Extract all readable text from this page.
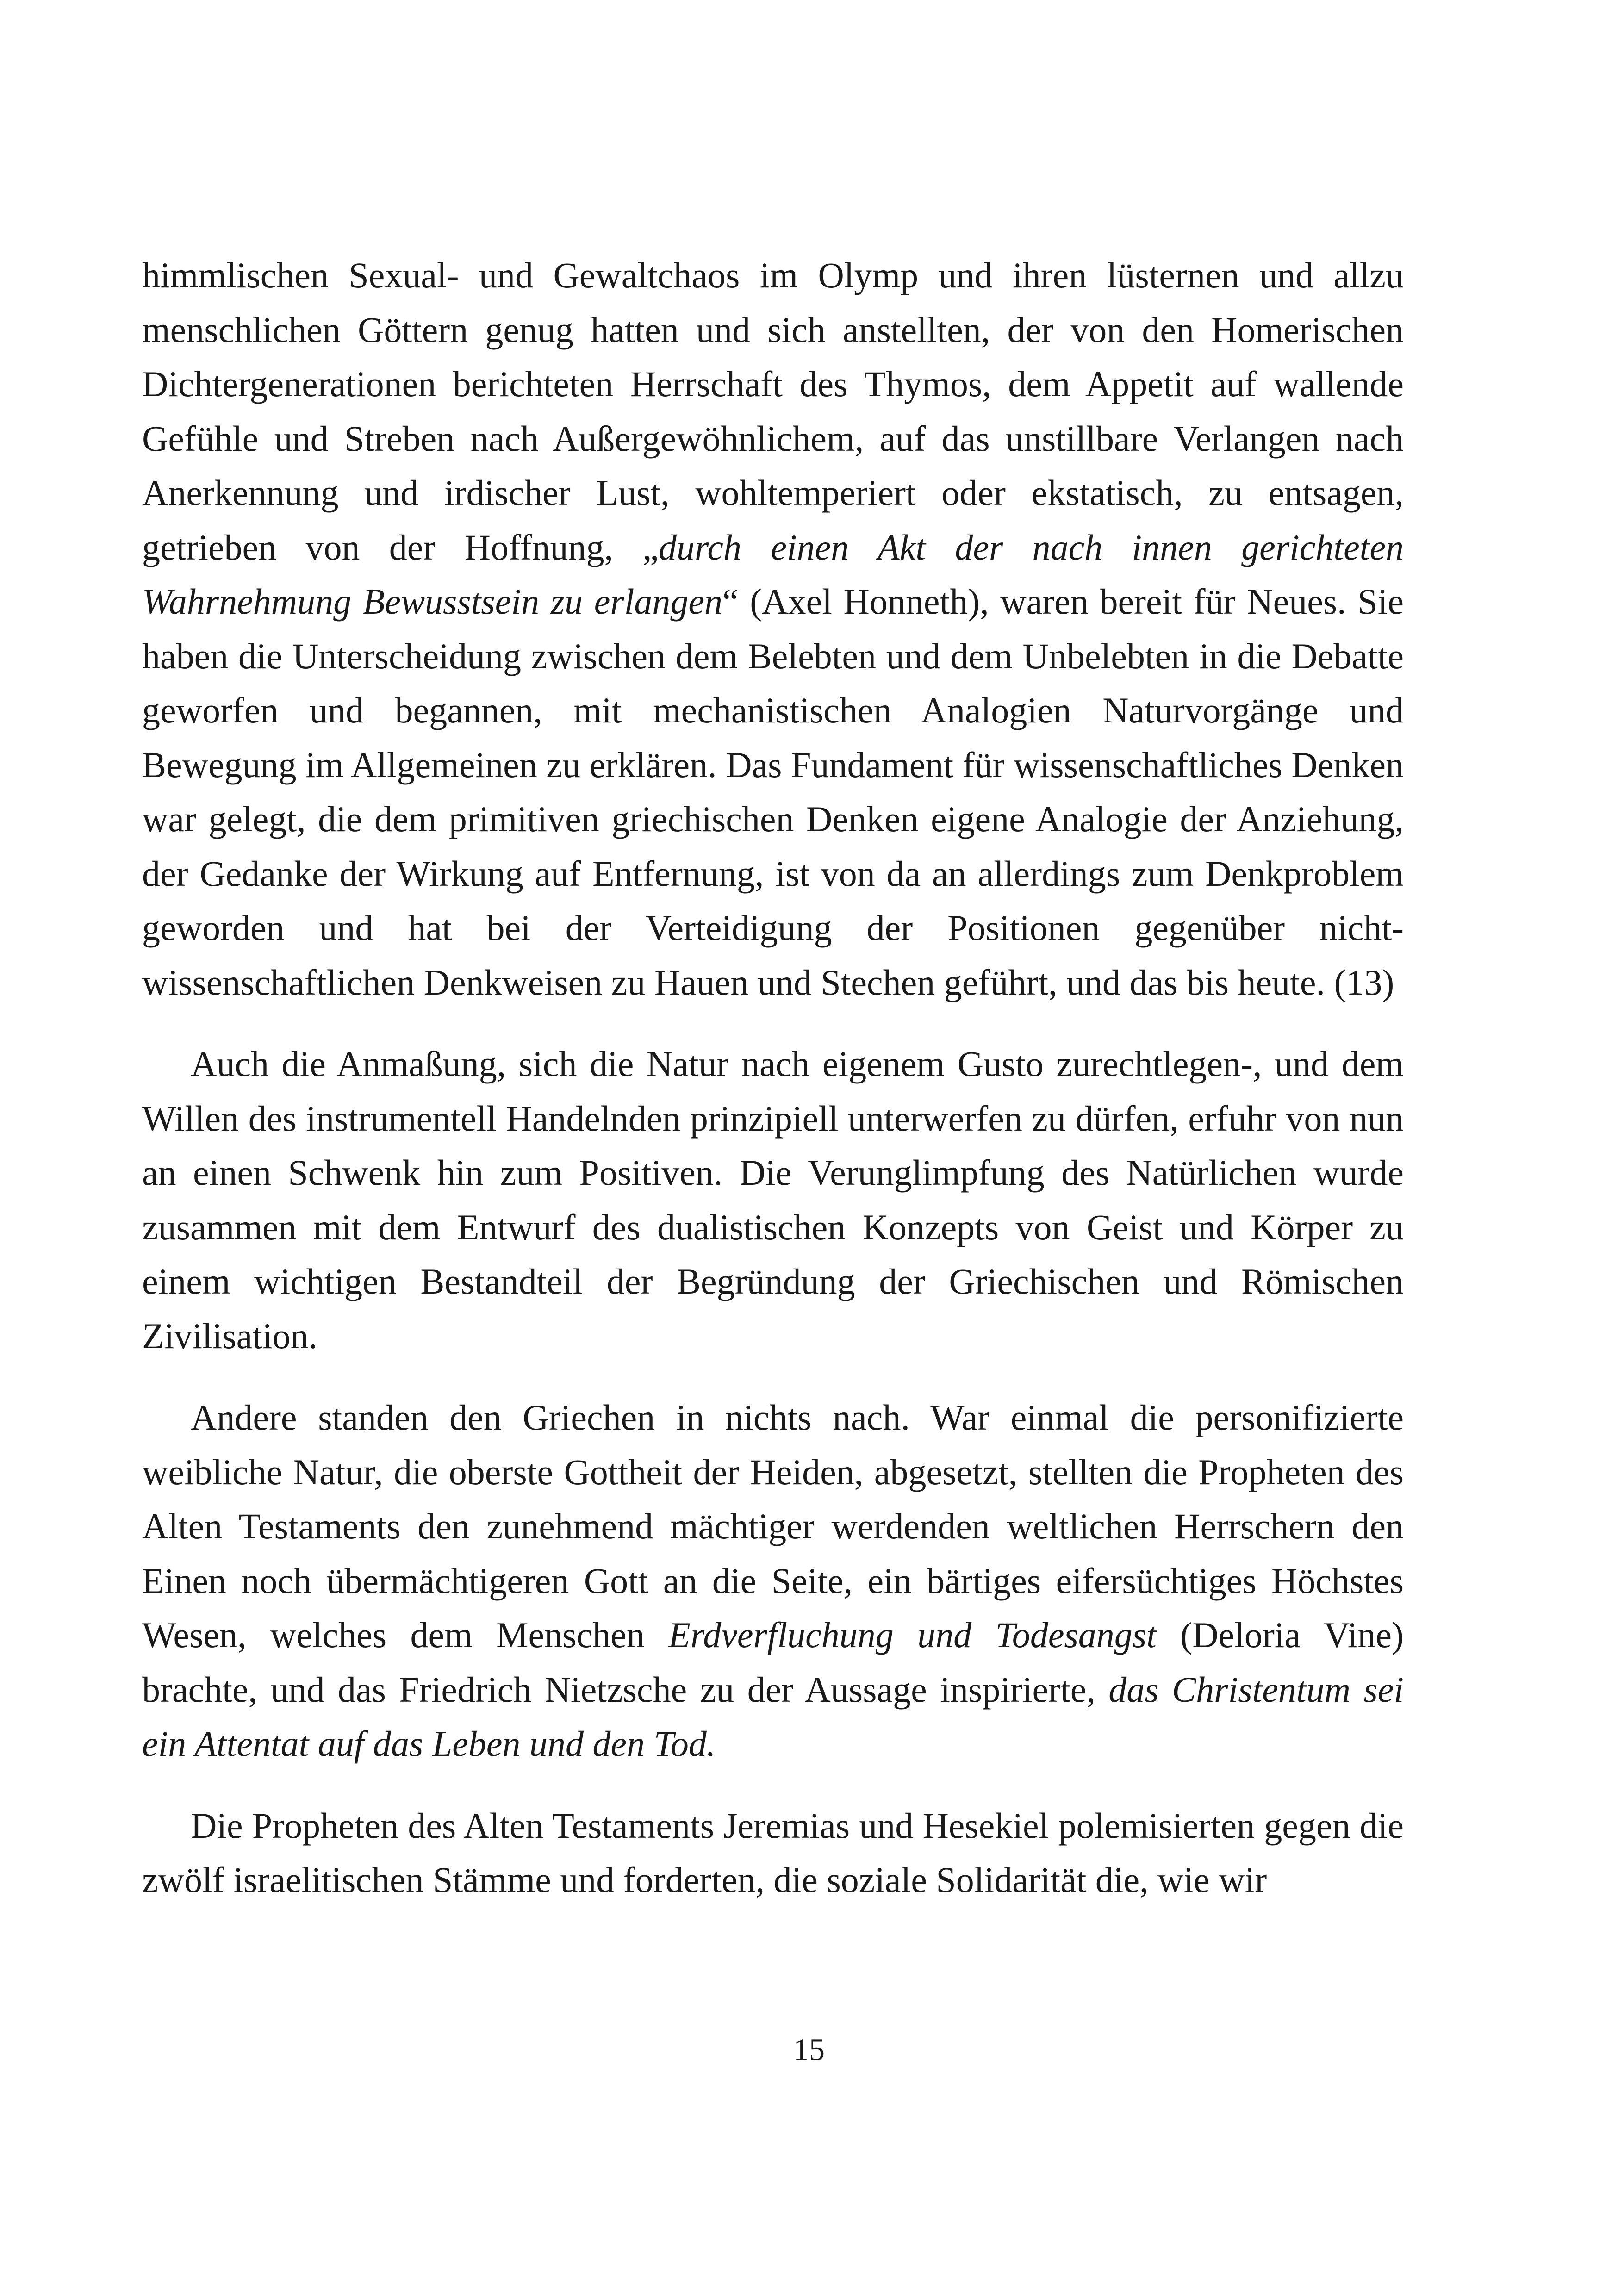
himmlischen Sexual- und Gewaltchaos im Olymp und ihren lüsternen und allzu menschlichen Göttern genug hatten und sich anstellten, der von den Homerischen Dichtergenerationen berichteten Herrschaft des Thymos, dem Appetit auf wallende Gefühle und Streben nach Außergewöhnlichem, auf das unstillbare Verlangen nach Anerkennung und irdischer Lust, wohltemperiert oder ekstatisch, zu entsagen, getrieben von der Hoffnung, „durch einen Akt der nach innen gerichteten Wahrnehmung Bewusstsein zu erlangen“ (Axel Honneth), waren bereit für Neues. Sie haben die Unterscheidung zwischen dem Belebten und dem Unbelebten in die Debatte geworfen und begannen, mit mechanistischen Analogien Naturvorgänge und Bewegung im Allgemeinen zu erklären. Das Fundament für wissenschaftliches Denken war gelegt, die dem primitiven griechischen Denken eigene Analogie der Anziehung, der Gedanke der Wirkung auf Entfernung, ist von da an allerdings zum Denkproblem geworden und hat bei der Verteidigung der Positionen gegenüber nicht-wissenschaftlichen Denkweisen zu Hauen und Stechen geführt, und das bis heute. (13)

Auch die Anmaßung, sich die Natur nach eigenem Gusto zurechtlegen-, und dem Willen des instrumentell Handelnden prinzipiell unterwerfen zu dürfen, erfuhr von nun an einen Schwenk hin zum Positiven. Die Verunglimpfung des Natürlichen wurde zusammen mit dem Entwurf des dualistischen Konzepts von Geist und Körper zu einem wichtigen Bestandteil der Begründung der Griechischen und Römischen Zivilisation.

Andere standen den Griechen in nichts nach. War einmal die personifizierte weibliche Natur, die oberste Gottheit der Heiden, abgesetzt, stellten die Propheten des Alten Testaments den zunehmend mächtiger werdenden weltlichen Herrschern den Einen noch übermächtigeren Gott an die Seite, ein bärtiges eifersüchtiges Höchstes Wesen, welches dem Menschen Erdverfluchung und Todesangst (Deloria Vine) brachte, und das Friedrich Nietzsche zu der Aussage inspirierte, das Christentum sei ein Attentat auf das Leben und den Tod.

Die Propheten des Alten Testaments Jeremias und Hesekiel polemisierten gegen die zwölf israelitischen Stämme und forderten, die soziale Solidarität die, wie wir

15
